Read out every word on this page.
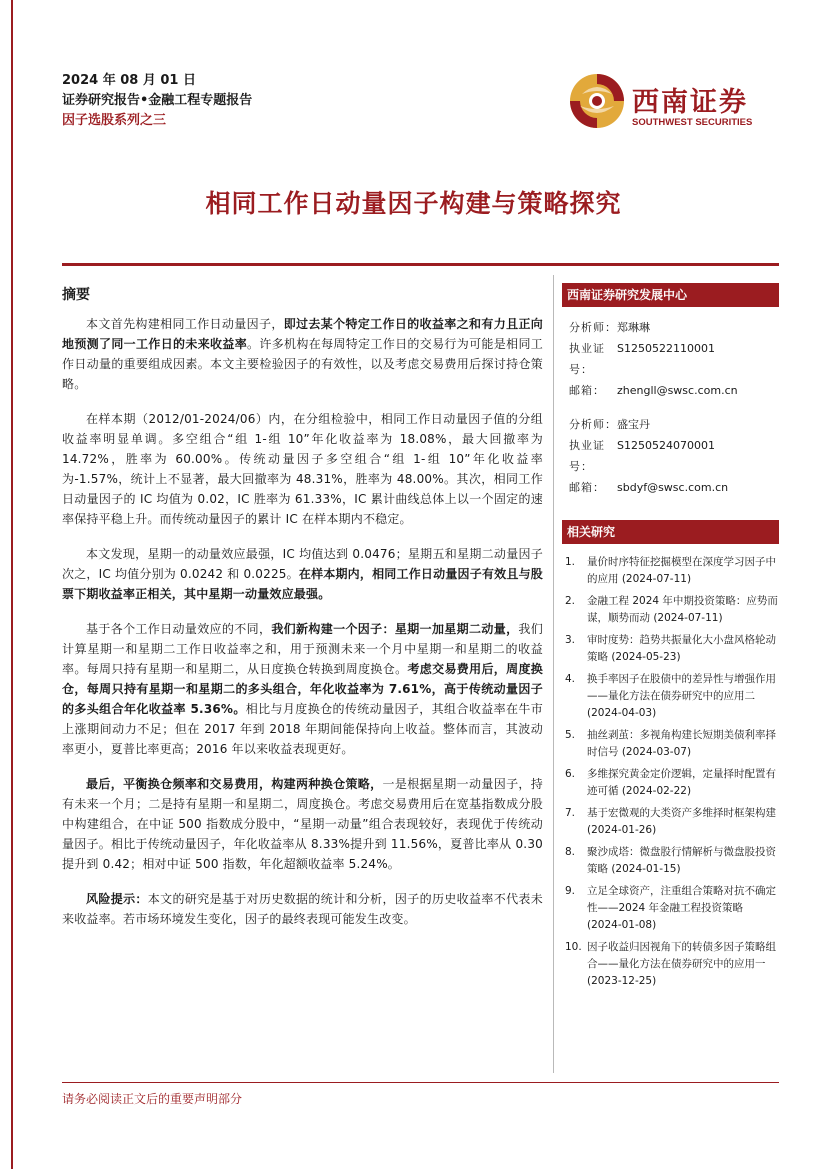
2024 年 08 月 01 日
证券研究报告•金融工程专题报告
因子选股系列之三
西南证券
SOUTHWEST SECURITIES
相同工作日动量因子构建与策略探究
摘要

本文首先构建相同工作日动量因子，即过去某个特定工作日的收益率之和有力且正向地预测了同一工作日的未来收益率。许多机构在每周特定工作日的交易行为可能是相同工作日动量的重要组成因素。本文主要检验因子的有效性，以及考虑交易费用后探讨持仓策略。

在样本期（2012/01-2024/06）内，在分组检验中，相同工作日动量因子值的分组收益率明显单调。多空组合“组 1-组 10”年化收益率为 18.08%，最大回撤率为 14.72%，胜率为 60.00%。传统动量因子多空组合“组 1-组 10”年化收益率为-1.57%，统计上不显著，最大回撤率为 48.31%，胜率为 48.00%。其次，相同工作日动量因子的 IC 均值为 0.02，IC 胜率为 61.33%，IC 累计曲线总体上以一个固定的速率保持平稳上升。而传统动量因子的累计 IC 在样本期内不稳定。

本文发现，星期一的动量效应最强，IC 均值达到 0.0476；星期五和星期二动量因子次之，IC 均值分别为 0.0242 和 0.0225。在样本期内，相同工作日动量因子有效且与股票下期收益率正相关，其中星期一动量效应最强。

基于各个工作日动量效应的不同，我们新构建一个因子：星期一加星期二动量，我们计算星期一和星期二工作日收益率之和，用于预测未来一个月中星期一和星期二的收益率。每周只持有星期一和星期二，从日度换仓转换到周度换仓。考虑交易费用后，周度换仓，每周只持有星期一和星期二的多头组合，年化收益率为 7.61%，高于传统动量因子的多头组合年化收益率 5.36%。相比与月度换仓的传统动量因子，其组合收益率在牛市上涨期间动力不足；但在 2017 年到 2018 年期间能保持向上收益。整体而言，其波动率更小，夏普比率更高；2016 年以来收益表现更好。

最后，平衡换仓频率和交易费用，构建两种换仓策略，一是根据星期一动量因子，持有未来一个月；二是持有星期一和星期二，周度换仓。考虑交易费用后在宽基指数成分股中构建组合，在中证 500 指数成分股中，“星期一动量”组合表现较好，表现优于传统动量因子。相比于传统动量因子，年化收益率从 8.33%提升到 11.56%，夏普比率从 0.30 提升到 0.42；相对中证 500 指数，年化超额收益率 5.24%。

风险提示：本文的研究是基于对历史数据的统计和分析，因子的历史收益率不代表未来收益率。若市场环境发生变化，因子的最终表现可能发生改变。

西南证券研究发展中心
分析师： 郑琳琳
执业证号：
S1250522110001
邮箱：	zhengll@swsc.com.cn
分析师： 盛宝丹
执业证号：
S1250524070001
邮箱：	sbdyf@swsc.com.cn
相关研究
1.	量价时序特征挖掘模型在深度学习因子中的应用 (2024-07-11)
2.	金融工程 2024 年中期投资策略：应势而谋，顺势而动 (2024-07-11)
3.	审时度势：趋势共振量化大小盘风格轮动策略 (2024-05-23)
4.	换手率因子在股债中的差异性与增强作用——量化方法在债券研究中的应用二 (2024-04-03)
5.	抽丝剥茧：多视角构建长短期美债利率择时信号 (2024-03-07)
6.	多维探究黄金定价逻辑，定量择时配置有迹可循 (2024-02-22)
7.	基于宏微观的大类资产多维择时框架构建 (2024-01-26)
8.	聚沙成塔：微盘股行情解析与微盘股投资策略 (2024-01-15)
9.	立足全球资产，注重组合策略对抗不确定性——2024 年金融工程投资策略 (2024-01-08)
10. 因子收益归因视角下的转债多因子策略组合——量化方法在债券研究中的应用一 (2023-12-25)
请务必阅读正文后的重要声明部分
